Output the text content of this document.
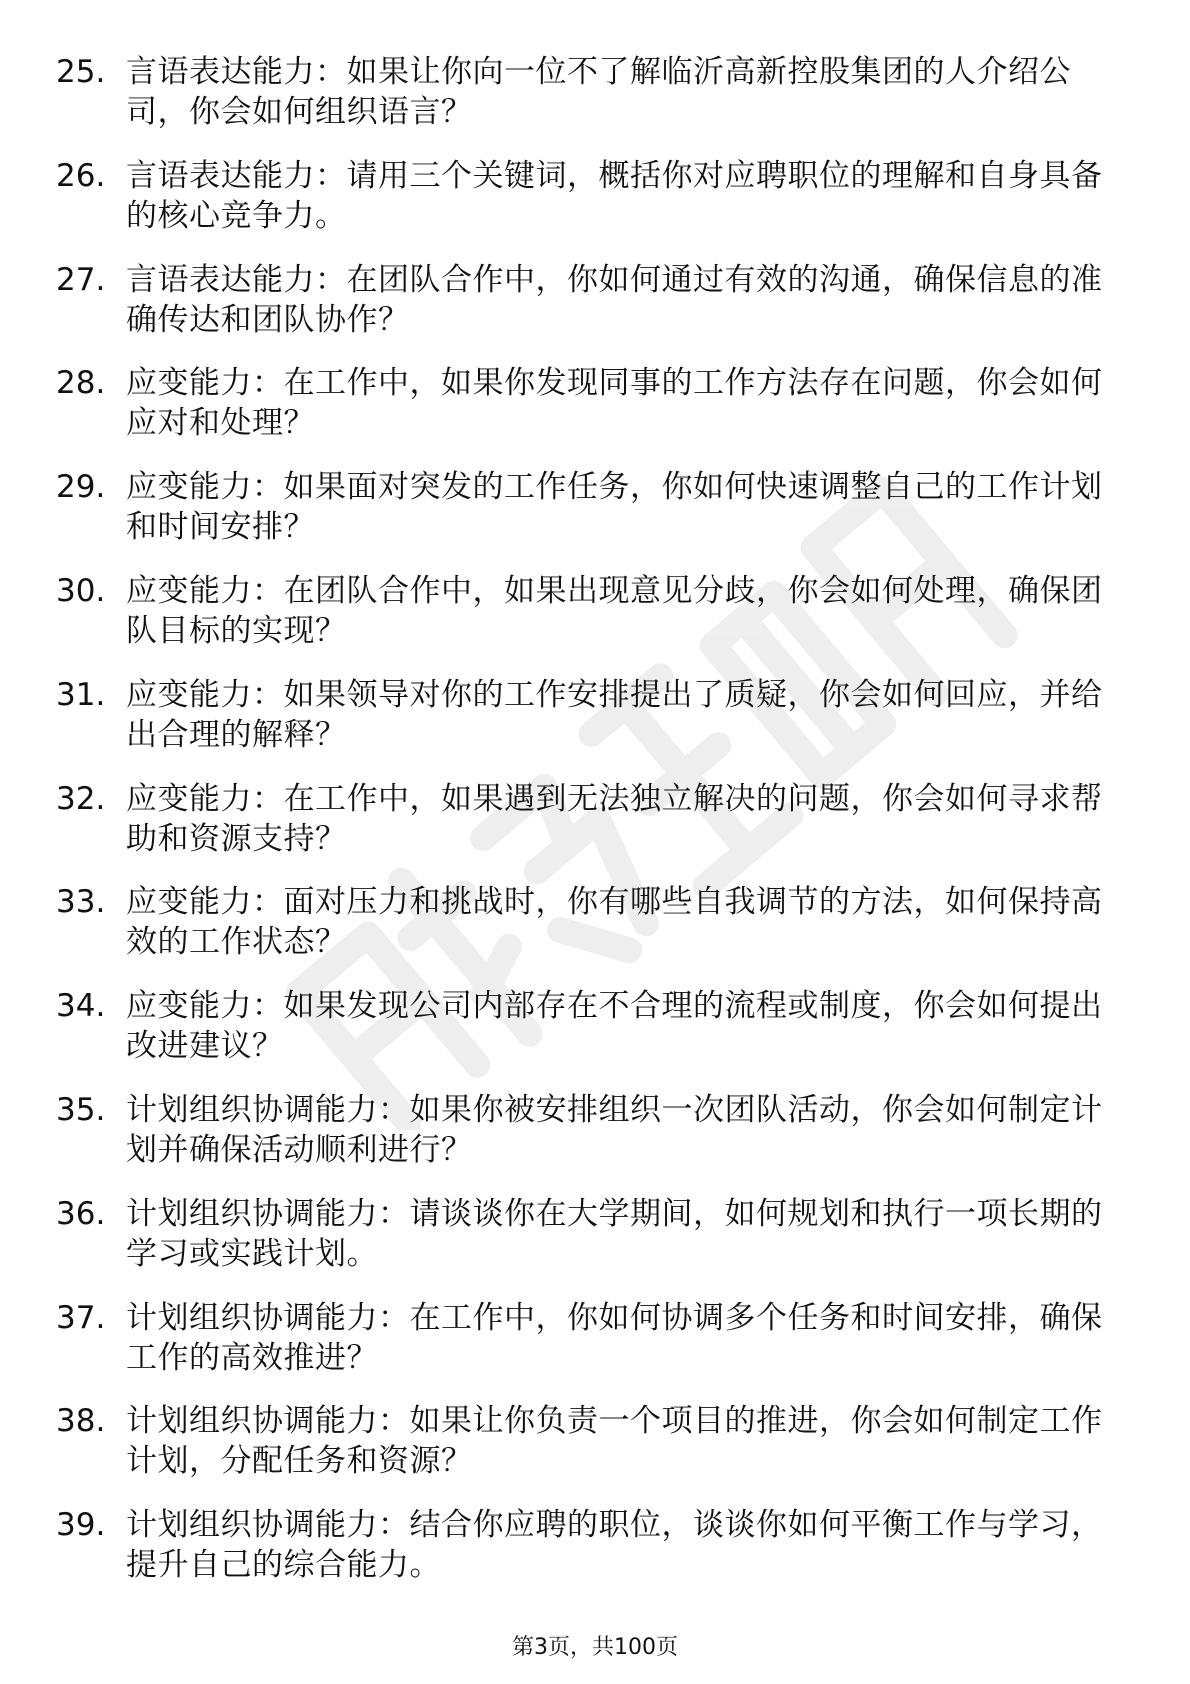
25. 言语表达能力：如果让你向一位不了解临沂高新控股集团的人介绍公司，你会如何组织语言？
26. 言语表达能力：请用三个关键词，概括你对应聘职位的理解和自身具备的核心竞争力。
27. 言语表达能力：在团队合作中，你如何通过有效的沟通，确保信息的准确传达和团队协作？
28. 应变能力：在工作中，如果你发现同事的工作方法存在问题，你会如何应对和处理？
29. 应变能力：如果面对突发的工作任务，你如何快速调整自己的工作计划和时间安排？
30. 应变能力：在团队合作中，如果出现意见分歧，你会如何处理，确保团队目标的实现？
31. 应变能力：如果领导对你的工作安排提出了质疑，你会如何回应，并给出合理的解释？
32. 应变能力：在工作中，如果遇到无法独立解决的问题，你会如何寻求帮助和资源支持？
33. 应变能力：面对压力和挑战时，你有哪些自我调节的方法，如何保持高效的工作状态？
34. 应变能力：如果发现公司内部存在不合理的流程或制度，你会如何提出改进建议？
35. 计划组织协调能力：如果你被安排组织一次团队活动，你会如何制定计划并确保活动顺利进行？
36. 计划组织协调能力：请谈谈你在大学期间，如何规划和执行一项长期的学习或实践计划。
37. 计划组织协调能力：在工作中，你如何协调多个任务和时间安排，确保工作的高效推进？
38. 计划组织协调能力：如果让你负责一个项目的推进，你会如何制定工作计划，分配任务和资源？
39. 计划组织协调能力：结合你应聘的职位，谈谈你如何平衡工作与学习，提升自己的综合能力。
第3页，共100页
